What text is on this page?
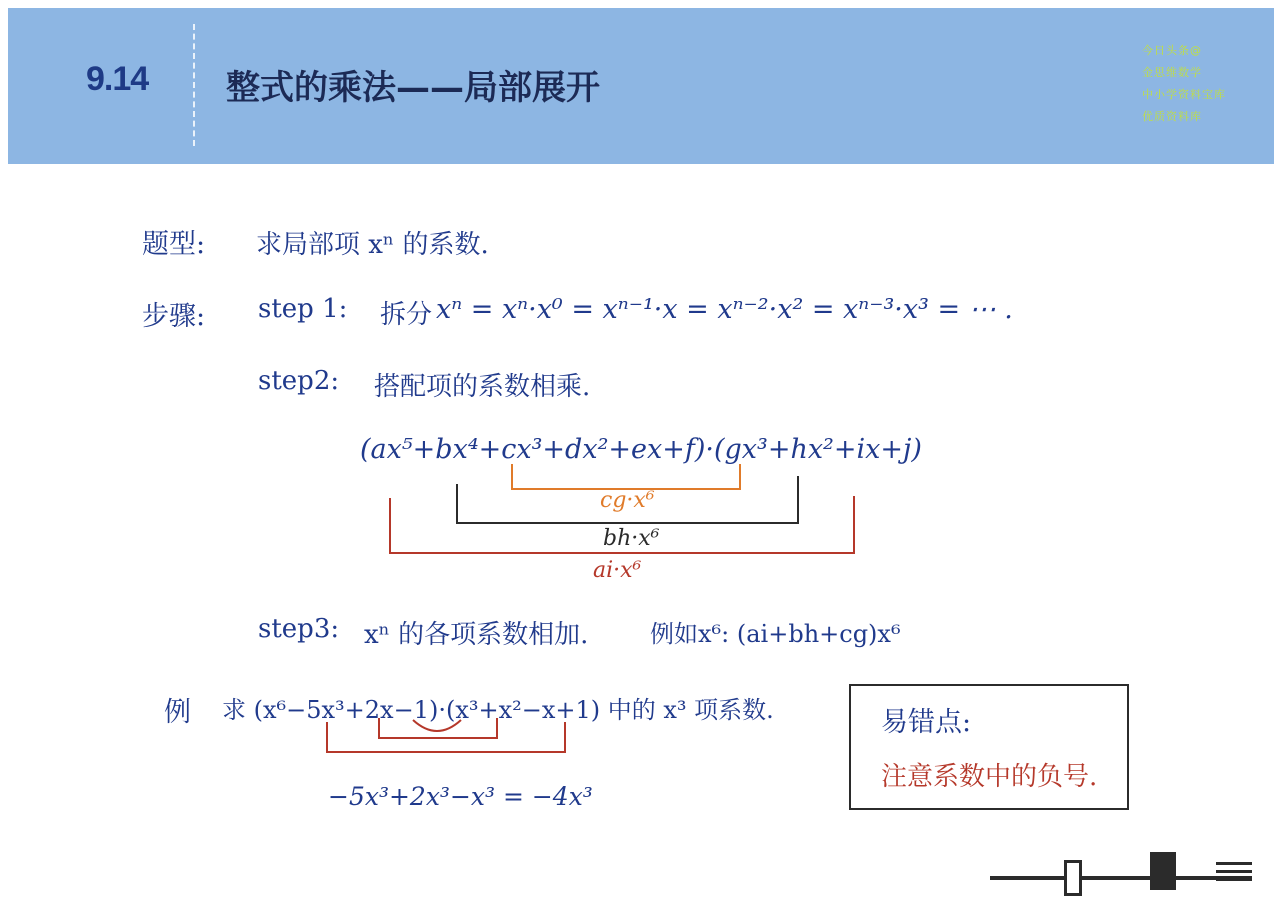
9.14 整式的乘法——局部展开
今日头条@
金思维数学
中小学资料宝库
优质资料库
题型: 求局部项 xⁿ 的系数.
步骤: step 1: 拆分 xⁿ = xⁿ·x⁰ = xⁿ⁻¹·x = xⁿ⁻²·x² = xⁿ⁻³·x³ = ⋯ .
step2: 搭配项的系数相乘.
(ax⁵+bx⁴+cx³+dx²+ex+f)·(gx³+hx²+ix+j)
cg·x⁶
bh·x⁶
ai·x⁶
step3: xⁿ 的各项系数相加.	例如x⁶: (ai+bh+cg)x⁶
例 求 (x⁶−5x³+2x−1)·(x³+x²−x+1) 中的 x³ 项系数.
−5x³+2x³−x³ = −4x³
易错点:
注意系数中的负号.
